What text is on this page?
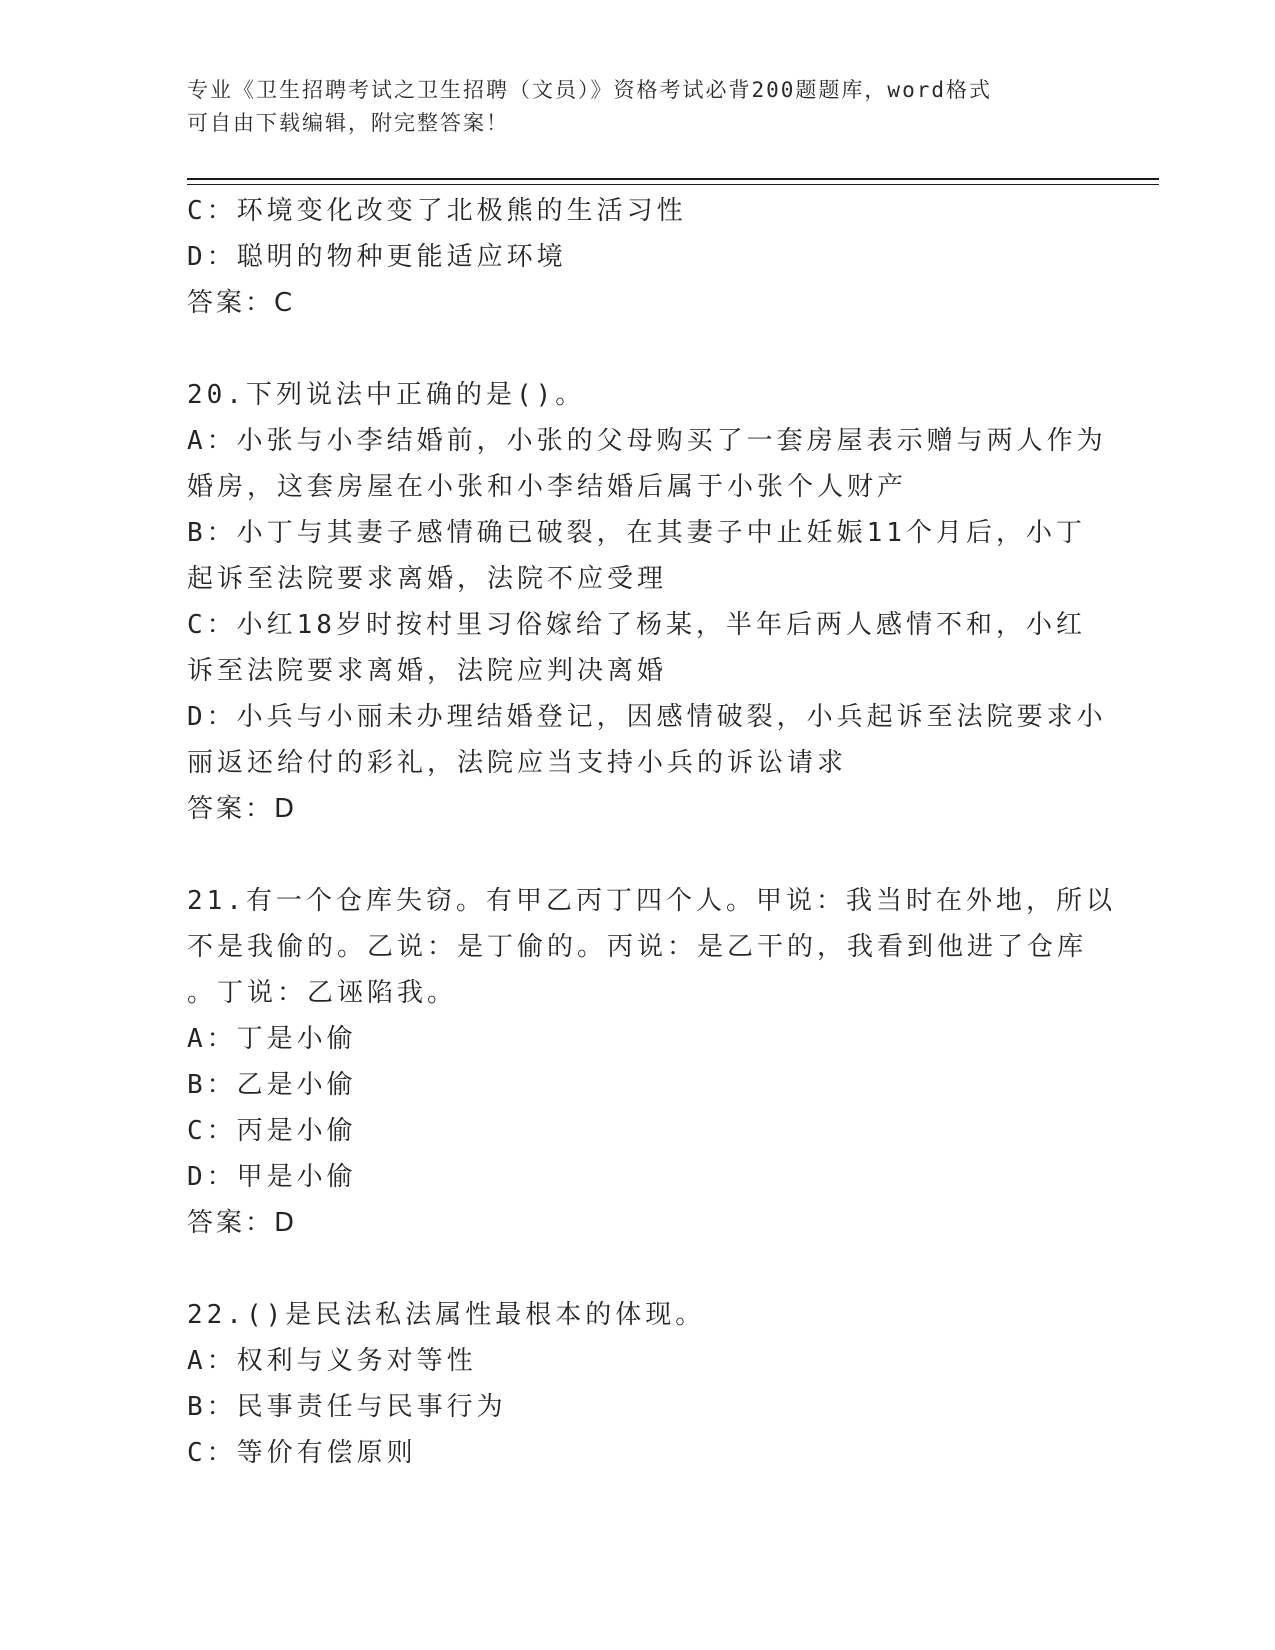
专业《卫生招聘考试之卫生招聘（文员）》资格考试必背200题题库，word格式
可自由下载编辑，附完整答案！
C：环境变化改变了北极熊的生活习性
D：聪明的物种更能适应环境
答案：C
20.下列说法中正确的是()。
A：小张与小李结婚前，小张的父母购买了一套房屋表示赠与两人作为
婚房，这套房屋在小张和小李结婚后属于小张个人财产
B：小丁与其妻子感情确已破裂，在其妻子中止妊娠11个月后，小丁
起诉至法院要求离婚，法院不应受理
C：小红18岁时按村里习俗嫁给了杨某，半年后两人感情不和，小红
诉至法院要求离婚，法院应判决离婚
D：小兵与小丽未办理结婚登记，因感情破裂，小兵起诉至法院要求小
丽返还给付的彩礼，法院应当支持小兵的诉讼请求
答案：D
21.有一个仓库失窃。有甲乙丙丁四个人。甲说：我当时在外地，所以
不是我偷的。乙说：是丁偷的。丙说：是乙干的，我看到他进了仓库
。丁说：乙诬陷我。
A：丁是小偷
B：乙是小偷
C：丙是小偷
D：甲是小偷
答案：D
22.()是民法私法属性最根本的体现。
A：权利与义务对等性
B：民事责任与民事行为
C：等价有偿原则
